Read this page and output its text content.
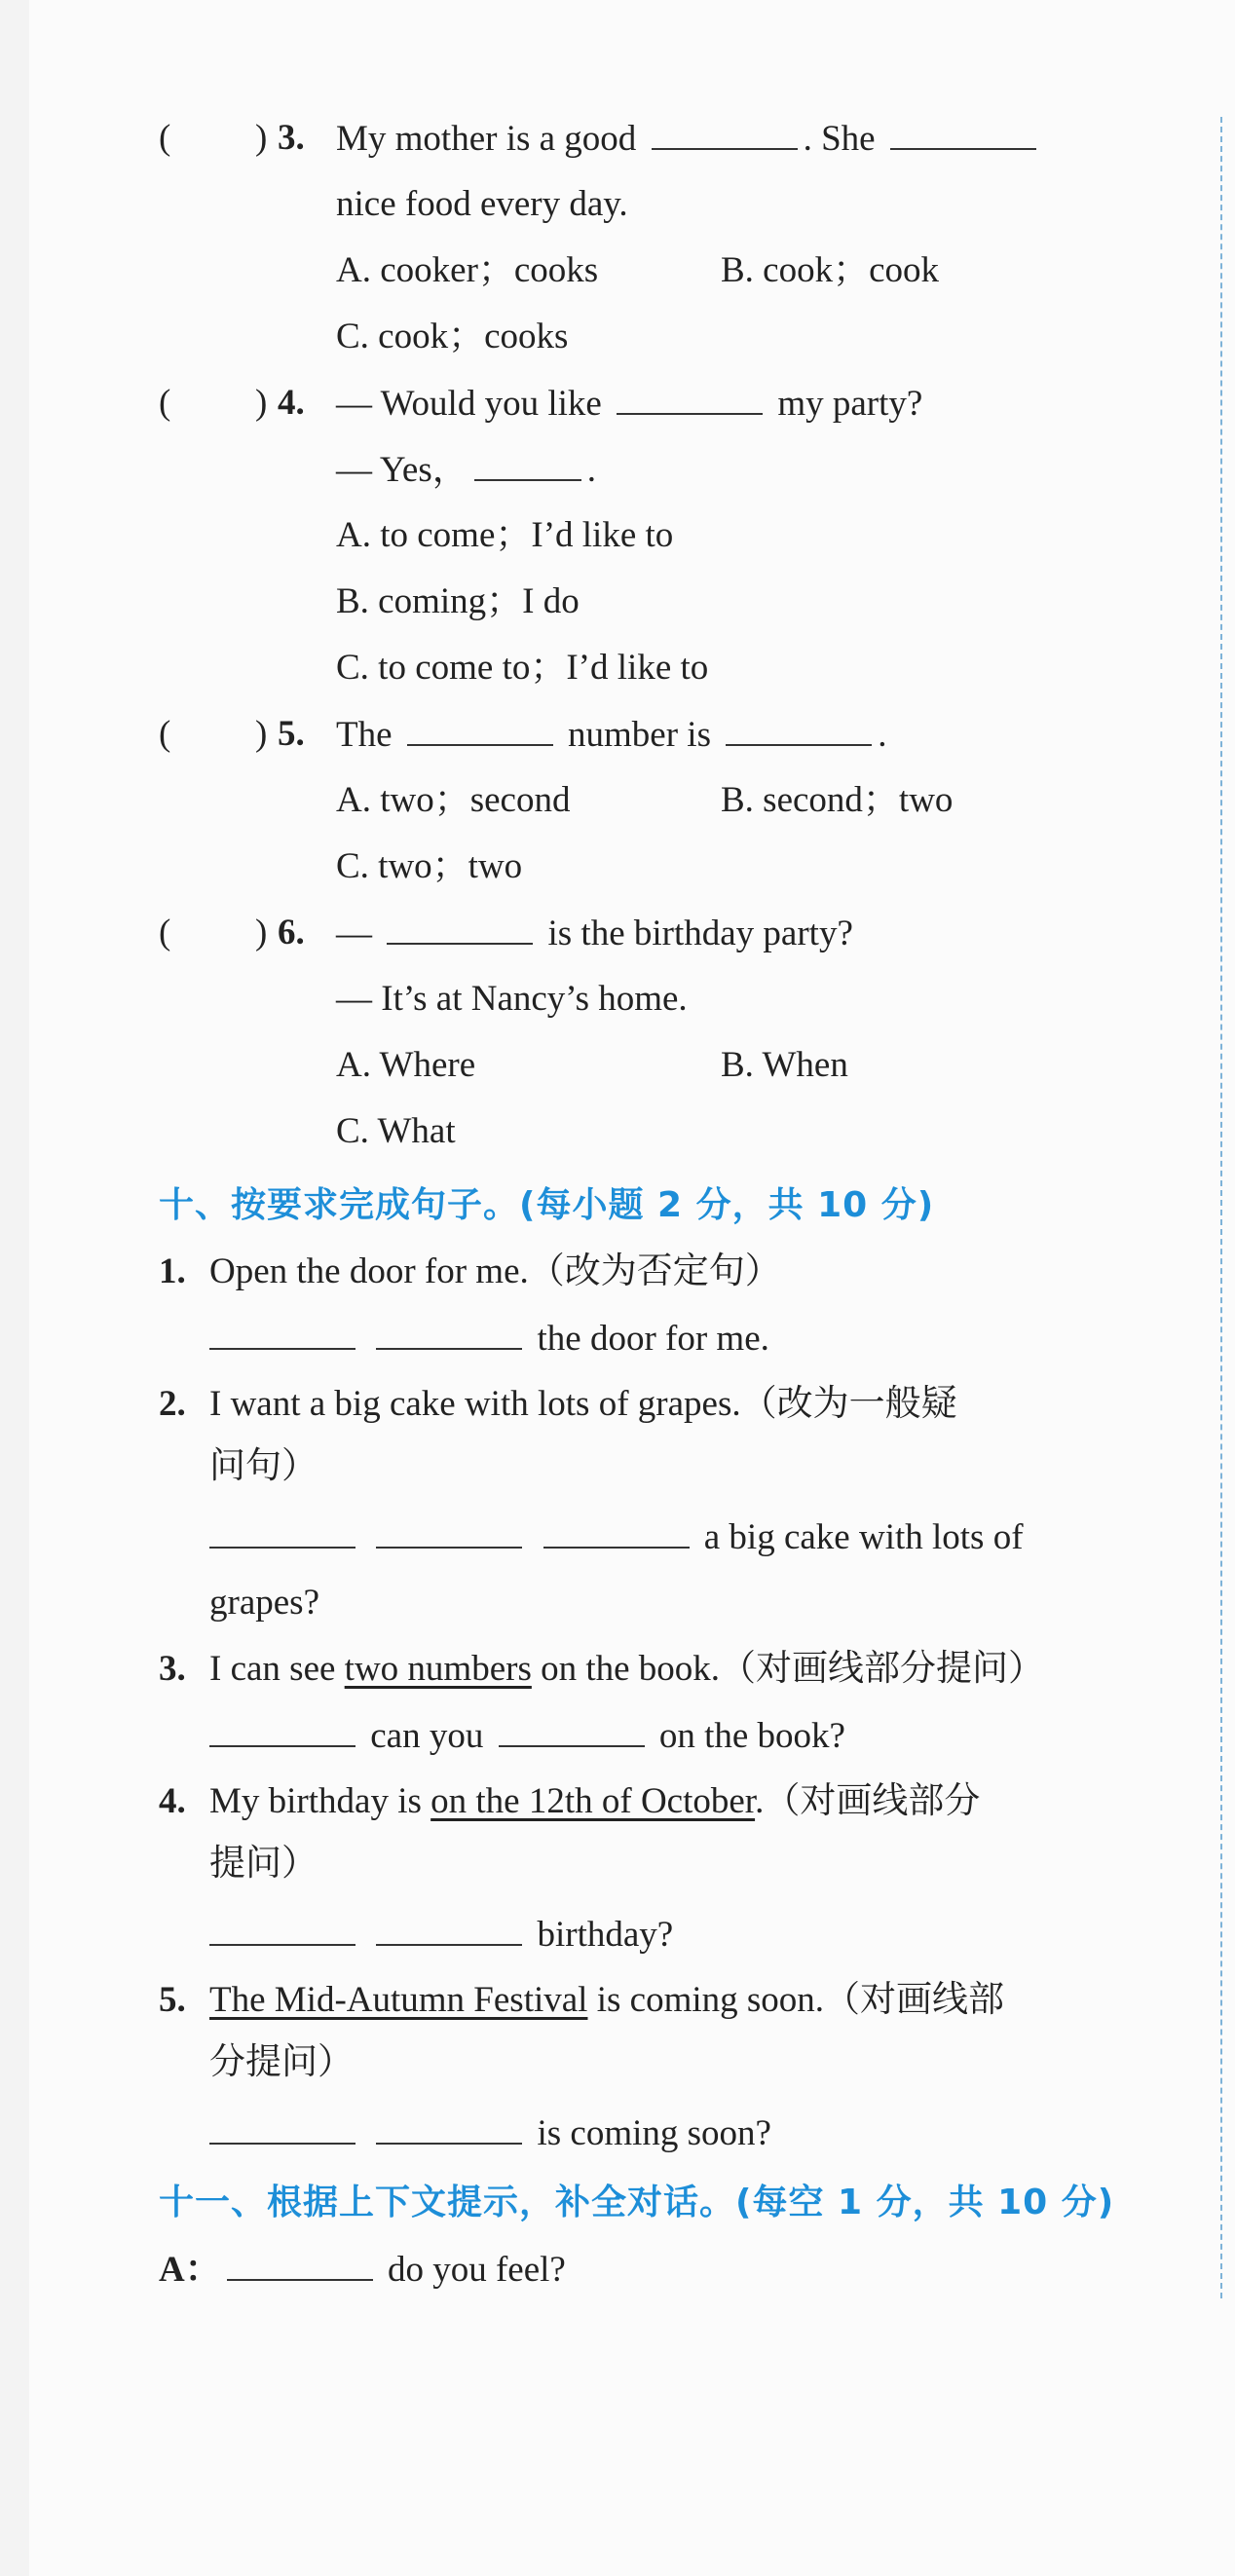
( ) 3. My mother is a good	. She
nice food every day.
A. cooker；cooks	B. cook；cook
C. cook；cooks
( ) 4. — Would you like	my party?
— Yes，	.
A. to come；I’d like to
B. coming；I do
C. to come to；I’d like to
( ) 5. The	number is	.
A. two；second	B. second；two
C. two；two
( ) 6. —	is the birthday party?
— It’s at Nancy’s home.
A. Where	B. When
C. What
十、按要求完成句子。(每小题 2 分，共 10 分)
1. Open the door for me.（改为否定句）
the door for me.
2. I want a big cake with lots of grapes.（改为一般疑
问句）
a big cake with lots of
grapes?
3. I can see two numbers on the book.（对画线部分提问）
can you	on the book?
4. My birthday is on the 12th of October.（对画线部分
提问）
birthday?
5. The Mid-Autumn Festival is coming soon.（对画线部
分提问）
is coming soon?
十一、根据上下文提示，补全对话。(每空 1 分，共 10 分)
A：	do you feel?
